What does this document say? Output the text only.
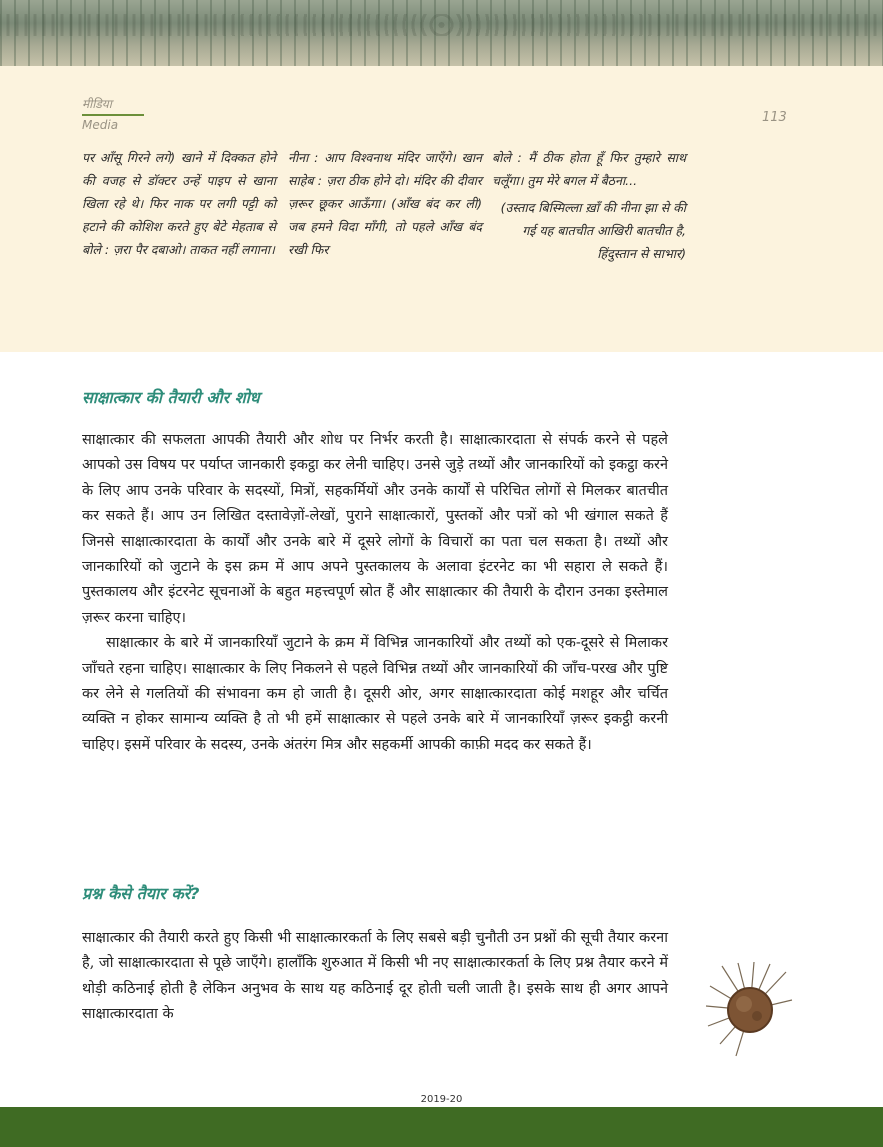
मीडिया
Media	113

पर आँसू गिरने लगे) खाने में दिक्कत होने की वजह से डॉक्टर उन्हें पाइप से खाना खिला रहे थे। फिर नाक पर लगी पट्टी को हटाने की कोशिश करते हुए बेटे मेहताब से बोले : ज़रा पैर दबाओ। ताकत नहीं लगाना।

नीना : आप विश्वनाथ मंदिर जाएँगे। खान साहेब : ज़रा ठीक होने दो। मंदिर की दीवार ज़रूर छूकर आऊँगा। (आँख बंद कर ली) जब हमने विदा माँगी, तो पहले आँख बंद रखी फिर

बोले : मैं ठीक होता हूँ फिर तुम्हारे साथ चलूँगा। तुम मेरे बगल में बैठना...

(उस्ताद बिस्मिल्ला ख़ाँ की नीना झा से की गई यह बातचीत आखिरी बातचीत है, हिंदुस्तान से साभार)

साक्षात्कार की तैयारी और शोध

साक्षात्कार की सफलता आपकी तैयारी और शोध पर निर्भर करती है। साक्षात्कारदाता से संपर्क करने से पहले आपको उस विषय पर पर्याप्त जानकारी इकट्ठा कर लेनी चाहिए। उनसे जुड़े तथ्यों और जानकारियों को इकट्ठा करने के लिए आप उनके परिवार के सदस्यों, मित्रों, सहकर्मियों और उनके कार्यों से परिचित लोगों से मिलकर बातचीत कर सकते हैं। आप उन लिखित दस्तावेज़ों-लेखों, पुराने साक्षात्कारों, पुस्तकों और पत्रों को भी खंगाल सकते हैं जिनसे साक्षात्कारदाता के कार्यों और उनके बारे में दूसरे लोगों के विचारों का पता चल सकता है। तथ्यों और जानकारियों को जुटाने के इस क्रम में आप अपने पुस्तकालय के अलावा इंटरनेट का भी सहारा ले सकते हैं। पुस्तकालय और इंटरनेट सूचनाओं के बहुत महत्त्वपूर्ण स्रोत हैं और साक्षात्कार की तैयारी के दौरान उनका इस्तेमाल ज़रूर करना चाहिए।

साक्षात्कार के बारे में जानकारियाँ जुटाने के क्रम में विभिन्न जानकारियों और तथ्यों को एक-दूसरे से मिलाकर जाँचते रहना चाहिए। साक्षात्कार के लिए निकलने से पहले विभिन्न तथ्यों और जानकारियों की जाँच-परख और पुष्टि कर लेने से गलतियों की संभावना कम हो जाती है। दूसरी ओर, अगर साक्षात्कारदाता कोई मशहूर और चर्चित व्यक्ति न होकर सामान्य व्यक्ति है तो भी हमें साक्षात्कार से पहले उनके बारे में जानकारियाँ ज़रूर इकट्ठी करनी चाहिए। इसमें परिवार के सदस्य, उनके अंतरंग मित्र और सहकर्मी आपकी काफ़ी मदद कर सकते हैं।

प्रश्न कैसे तैयार करें?

साक्षात्कार की तैयारी करते हुए किसी भी साक्षात्कारकर्ता के लिए सबसे बड़ी चुनौती उन प्रश्नों की सूची तैयार करना है, जो साक्षात्कारदाता से पूछे जाएँगे। हालाँकि शुरुआत में किसी भी नए साक्षात्कारकर्ता के लिए प्रश्न तैयार करने में थोड़ी कठिनाई होती है लेकिन अनुभव के साथ यह कठिनाई दूर होती चली जाती है। इसके साथ ही अगर आपने साक्षात्कारदाता के

2019-20
